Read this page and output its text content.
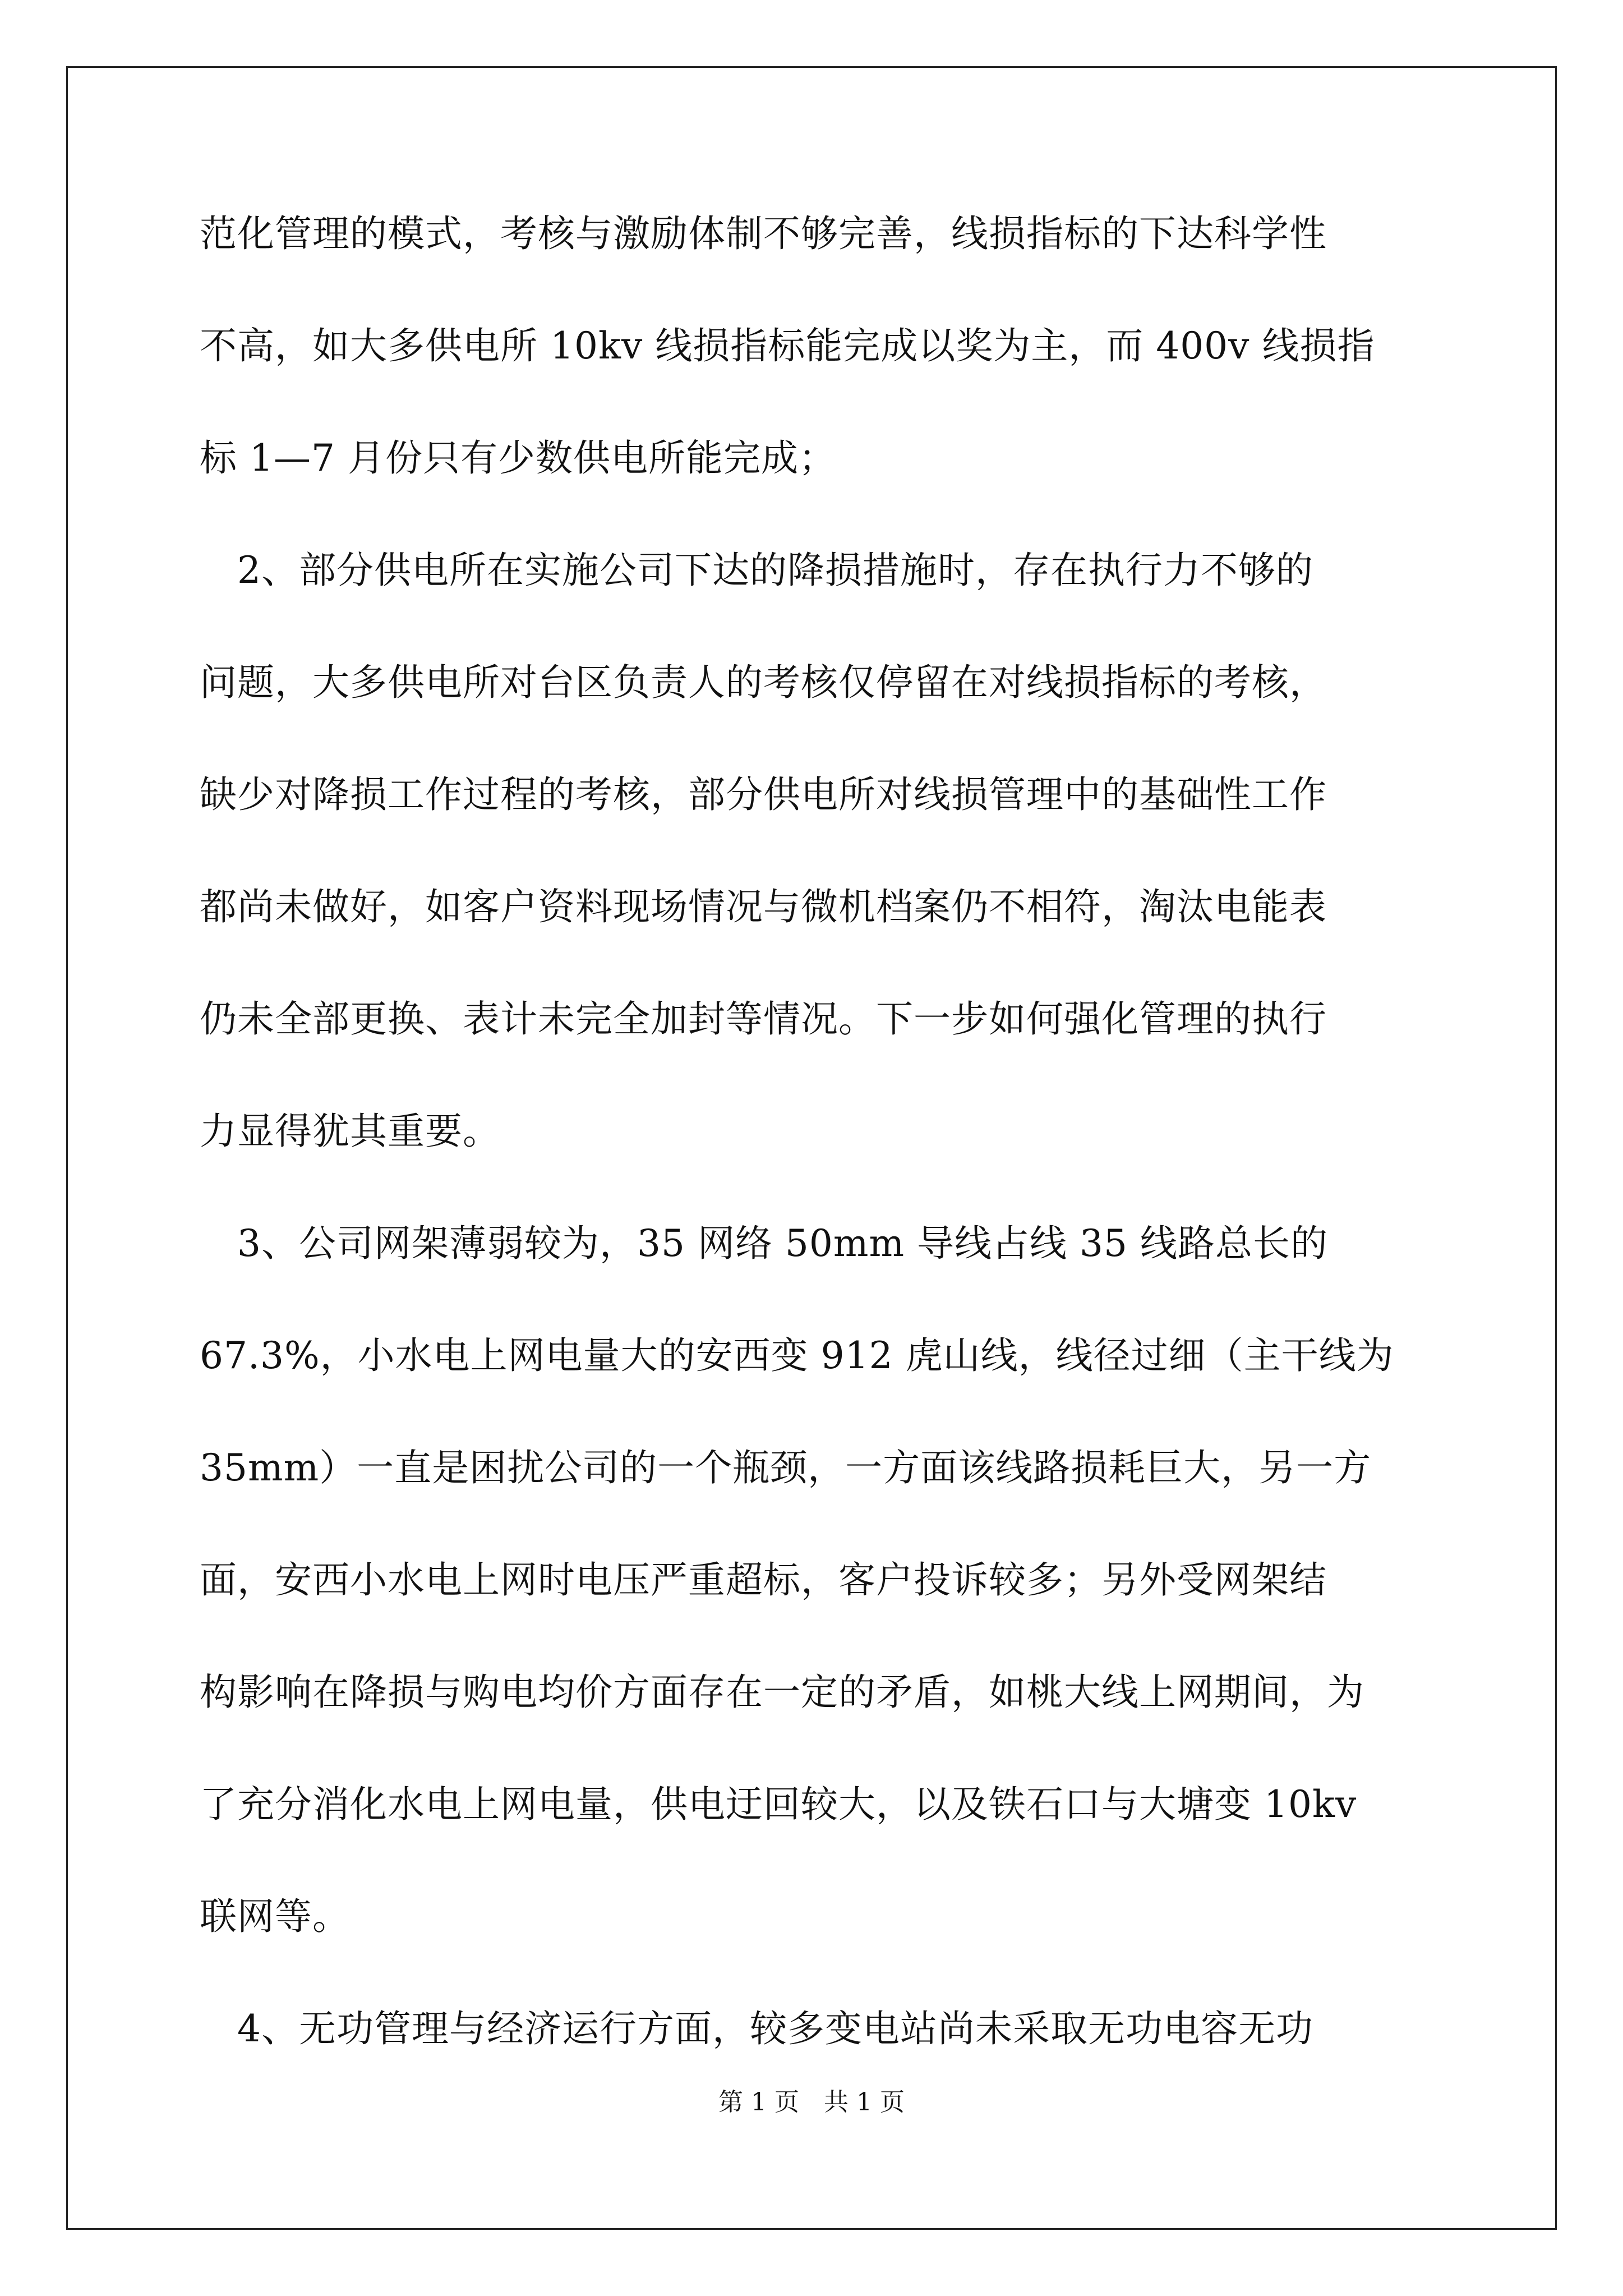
范化管理的模式，考核与激励体制不够完善，线损指标的下达科学性
不高，如大多供电所 10kv 线损指标能完成以奖为主，而 400v 线损指
标 1—7 月份只有少数供电所能完成；
　2、部分供电所在实施公司下达的降损措施时，存在执行力不够的
问题，大多供电所对台区负责人的考核仅停留在对线损指标的考核，
缺少对降损工作过程的考核，部分供电所对线损管理中的基础性工作
都尚未做好，如客户资料现场情况与微机档案仍不相符，淘汰电能表
仍未全部更换、表计未完全加封等情况。下一步如何强化管理的执行
力显得犹其重要。
　3、公司网架薄弱较为，35 网络 50mm 导线占线 35 线路总长的
67.3%，小水电上网电量大的安西变 912 虎山线，线径过细（主干线为
35mm）一直是困扰公司的一个瓶颈，一方面该线路损耗巨大，另一方
面，安西小水电上网时电压严重超标，客户投诉较多；另外受网架结
构影响在降损与购电均价方面存在一定的矛盾，如桃大线上网期间，为
了充分消化水电上网电量，供电迂回较大，以及铁石口与大塘变 10kv
联网等。
　4、无功管理与经济运行方面，较多变电站尚未采取无功电容无功
第 1 页　共 1 页
